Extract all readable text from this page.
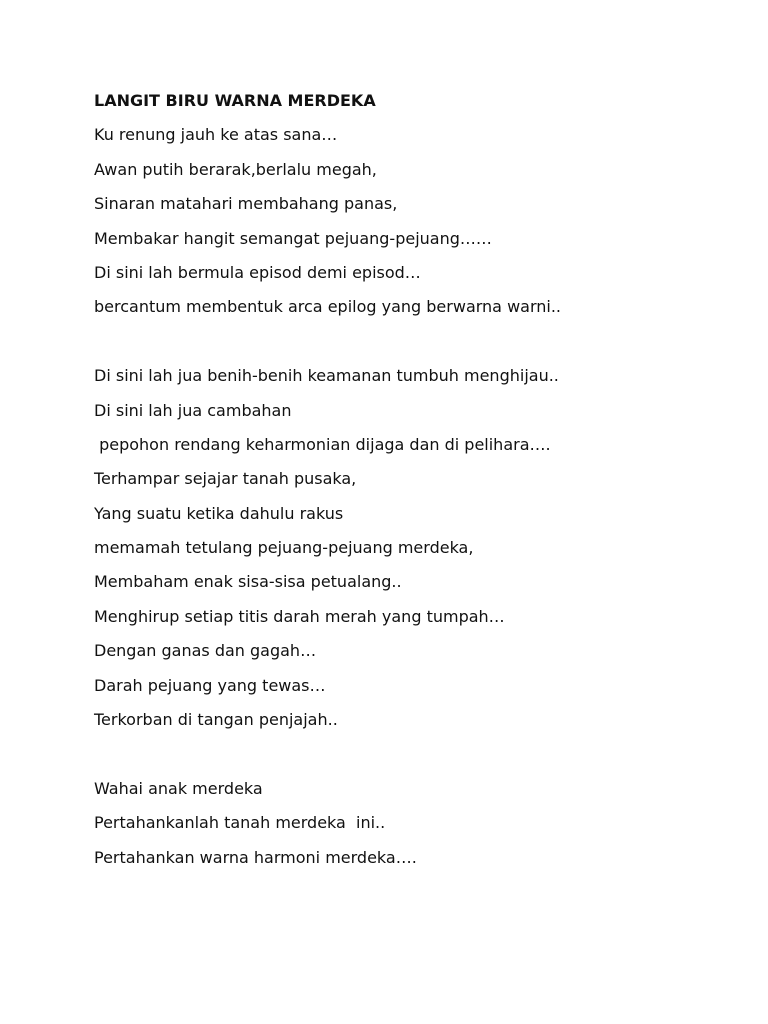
LANGIT BIRU WARNA MERDEKA
Ku renung jauh ke atas sana…
Awan putih berarak,berlalu megah,
Sinaran matahari membahang panas,
Membakar hangit semangat pejuang-pejuang……
Di sini lah bermula episod demi episod…
bercantum membentuk arca epilog yang berwarna warni..
Di sini lah jua benih-benih keamanan tumbuh menghijau..
Di sini lah jua cambahan
pepohon rendang keharmonian dijaga dan di pelihara….
Terhampar sejajar tanah pusaka,
Yang suatu ketika dahulu rakus
memamah tetulang pejuang-pejuang merdeka,
Membaham enak sisa-sisa petualang..
Menghirup setiap titis darah merah yang tumpah…
Dengan ganas dan gagah…
Darah pejuang yang tewas…
Terkorban di tangan penjajah..
Wahai anak merdeka
Pertahankanlah tanah merdeka  ini..
Pertahankan warna harmoni merdeka….
